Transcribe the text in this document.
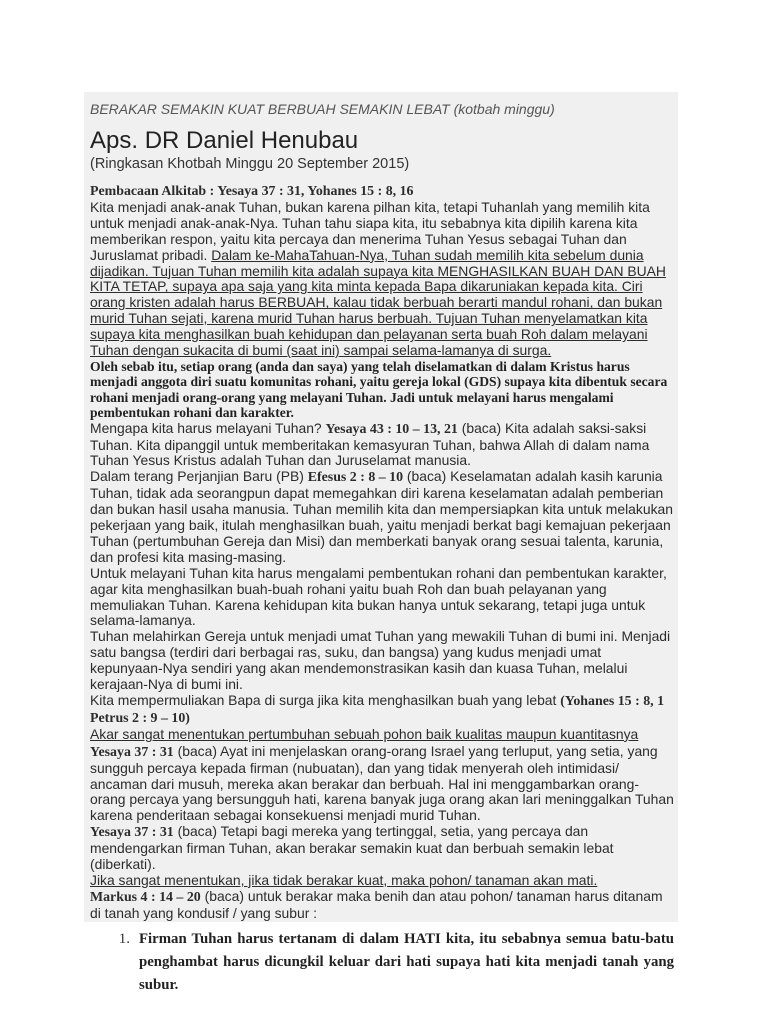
BERAKAR SEMAKIN KUAT BERBUAH SEMAKIN LEBAT (kotbah minggu)
Aps. DR Daniel Henubau
(Ringkasan Khotbah Minggu 20 September 2015)

Pembacaan Alkitab : Yesaya 37 : 31, Yohanes 15 : 8, 16
Kita menjadi anak-anak Tuhan, bukan karena pilhan kita, tetapi Tuhanlah yang memilih kita untuk menjadi anak-anak-Nya. Tuhan tahu siapa kita, itu sebabnya kita dipilih karena kita memberikan respon, yaitu kita percaya dan menerima Tuhan Yesus sebagai Tuhan dan Juruslamat pribadi. Dalam ke-MahaTahuan-Nya, Tuhan sudah memilih kita sebelum dunia dijadikan. Tujuan Tuhan memilih kita adalah supaya kita MENGHASILKAN BUAH DAN BUAH KITA TETAP, supaya apa saja yang kita minta kepada Bapa dikaruniakan kepada kita. Ciri orang kristen adalah harus BERBUAH, kalau tidak berbuah berarti mandul rohani, dan bukan murid Tuhan sejati, karena murid Tuhan harus berbuah. Tujuan Tuhan menyelamatkan kita supaya kita menghasilkan buah kehidupan dan pelayanan serta buah Roh dalam melayani Tuhan dengan sukacita di bumi (saat ini) sampai selama-lamanya di surga.

Oleh sebab itu, setiap orang (anda dan saya) yang telah diselamatkan di dalam Kristus harus menjadi anggota diri suatu komunitas rohani, yaitu gereja lokal (GDS) supaya kita dibentuk secara rohani menjadi orang-orang yang melayani Tuhan. Jadi untuk melayani harus mengalami pembentukan rohani dan karakter.

Mengapa kita harus melayani Tuhan? Yesaya 43 : 10 – 13, 21 (baca) Kita adalah saksi-saksi Tuhan. Kita dipanggil untuk memberitakan kemasyuran Tuhan, bahwa Allah di dalam nama Tuhan Yesus Kristus adalah Tuhan dan Juruselamat manusia.

Dalam terang Perjanjian Baru (PB) Efesus 2 : 8 – 10 (baca) Keselamatan adalah kasih karunia Tuhan, tidak ada seorangpun dapat memegahkan diri karena keselamatan adalah pemberian dan bukan hasil usaha manusia. Tuhan memilih kita dan mempersiapkan kita untuk melakukan pekerjaan yang baik, itulah menghasilkan buah, yaitu menjadi berkat bagi kemajuan pekerjaan Tuhan (pertumbuhan Gereja dan Misi) dan memberkati banyak orang sesuai talenta, karunia, dan profesi kita masing-masing.

Untuk melayani Tuhan kita harus mengalami pembentukan rohani dan pembentukan karakter, agar kita menghasilkan buah-buah rohani yaitu buah Roh dan buah pelayanan yang memuliakan Tuhan. Karena kehidupan kita bukan hanya untuk sekarang, tetapi juga untuk selama-lamanya.

Tuhan melahirkan Gereja untuk menjadi umat Tuhan yang mewakili Tuhan di bumi ini. Menjadi satu bangsa (terdiri dari berbagai ras, suku, dan bangsa) yang kudus menjadi umat kepunyaan-Nya sendiri yang akan mendemonstrasikan kasih dan kuasa Tuhan, melalui kerajaan-Nya di bumi ini.

Kita mempermuliakan Bapa di surga jika kita menghasilkan buah yang lebat (Yohanes 15 : 8, 1 Petrus 2 : 9 – 10)

Akar sangat menentukan pertumbuhan sebuah pohon baik kualitas maupun kuantitasnya Yesaya 37 : 31 (baca) Ayat ini menjelaskan orang-orang Israel yang terluput, yang setia, yang sungguh percaya kepada firman (nubuatan), dan yang tidak menyerah oleh intimidasi/ ancaman dari musuh, mereka akan berakar dan berbuah. Hal ini menggambarkan orang-orang percaya yang bersungguh hati, karena banyak juga orang akan lari meninggalkan Tuhan karena penderitaan sebagai konsekuensi menjadi murid Tuhan.

Yesaya 37 : 31 (baca) Tetapi bagi mereka yang tertinggal, setia, yang percaya dan mendengarkan firman Tuhan, akan berakar semakin kuat dan berbuah semakin lebat (diberkati).

Jika sangat menentukan, jika tidak berakar kuat, maka pohon/ tanaman akan mati.

Markus 4 : 14 – 20 (baca) untuk berakar maka benih dan atau pohon/ tanaman harus ditanam di tanah yang kondusif / yang subur :

1. Firman Tuhan harus tertanam di dalam HATI kita, itu sebabnya semua batu-batu penghambat harus dicungkil keluar dari hati supaya hati kita menjadi tanah yang subur.
